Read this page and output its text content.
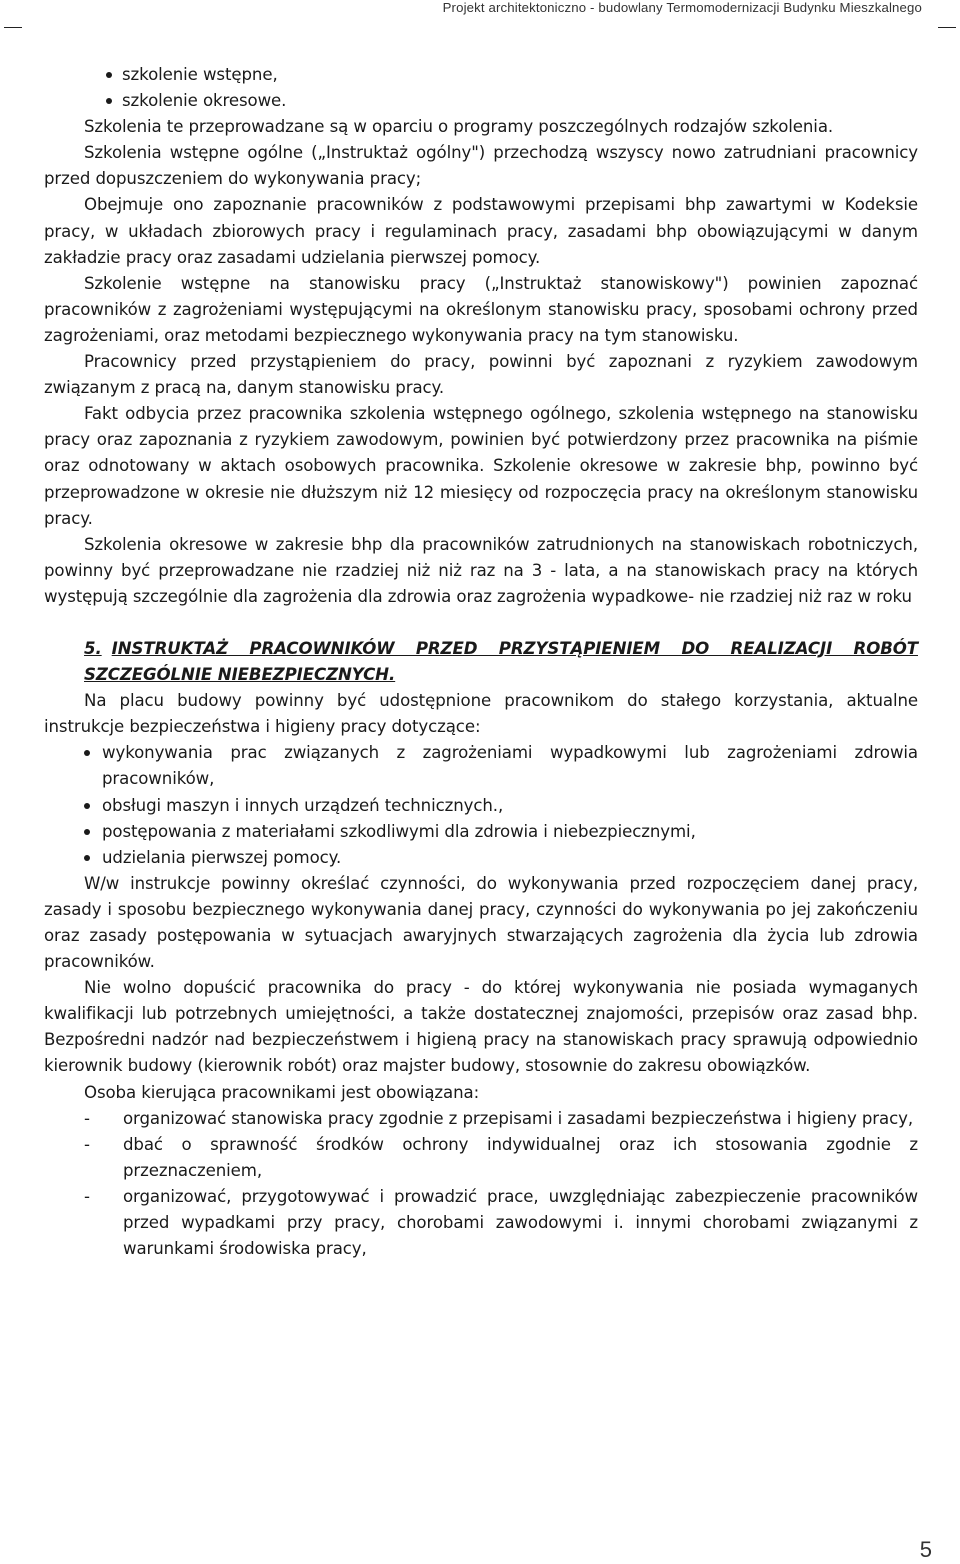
Projekt architektoniczno - budowlany Termomodernizacji Budynku Mieszkalnego
szkolenie wstępne,
szkolenie okresowe.

Szkolenia te przeprowadzane są w oparciu o programy poszczególnych rodzajów szkolenia.

Szkolenia wstępne ogólne („Instruktaż ogólny") przechodzą wszyscy nowo zatrudniani pracownicy przed dopuszczeniem do wykonywania pracy;

Obejmuje ono zapoznanie pracowników z podstawowymi przepisami bhp zawartymi w Kodeksie pracy, w układach zbiorowych pracy i regulaminach pracy, zasadami bhp obowiązującymi w danym zakładzie pracy oraz zasadami udzielania pierwszej pomocy.

Szkolenie wstępne na stanowisku pracy („Instruktaż stanowiskowy") powinien zapoznać pracowników z zagrożeniami występującymi na określonym stanowisku pracy, sposobami ochrony przed zagrożeniami, oraz metodami bezpiecznego wykonywania pracy na tym stanowisku.

Pracownicy przed przystąpieniem do pracy, powinni być zapoznani z ryzykiem zawodowym związanym z pracą na, danym stanowisku pracy.

Fakt odbycia przez pracownika szkolenia wstępnego ogólnego, szkolenia wstępnego na stanowisku pracy oraz zapoznania z ryzykiem zawodowym, powinien być potwierdzony przez pracownika na piśmie oraz odnotowany w aktach osobowych pracownika. Szkolenie okresowe w zakresie bhp, powinno być przeprowadzone w okresie nie dłuższym niż 12 miesięcy od rozpoczęcia pracy na określonym stanowisku pracy.

Szkolenia okresowe w zakresie bhp dla pracowników zatrudnionych na stanowiskach robotniczych, powinny być przeprowadzane nie rzadziej niż niż raz na 3 - lata, a na stanowiskach pracy na których występują szczególnie dla zagrożenia dla zdrowia oraz zagrożenia wypadkowe- nie rzadziej niż raz w roku

5. INSTRUKTAŻ PRACOWNIKÓW PRZED PRZYSTĄPIENIEM DO REALIZACJI ROBÓT SZCZEGÓLNIE NIEBEZPIECZNYCH.

Na placu budowy powinny być udostępnione pracownikom do stałego korzystania, aktualne instrukcje bezpieczeństwa i higieny pracy dotyczące:

wykonywania prac związanych z zagrożeniami wypadkowymi lub zagrożeniami zdrowia pracowników,
obsługi maszyn i innych urządzeń technicznych.,
postępowania z materiałami szkodliwymi dla zdrowia i niebezpiecznymi,
udzielania pierwszej pomocy.

W/w instrukcje powinny określać czynności, do wykonywania przed rozpoczęciem danej pracy, zasady i sposobu bezpiecznego wykonywania danej pracy, czynności do wykonywania po jej zakończeniu oraz zasady postępowania w sytuacjach awaryjnych stwarzających zagrożenia dla życia lub zdrowia pracowników.

Nie wolno dopuścić pracownika do pracy - do której wykonywania nie posiada wymaganych kwalifikacji lub potrzebnych umiejętności, a także dostatecznej znajomości, przepisów oraz zasad bhp. Bezpośredni nadzór nad bezpieczeństwem i higieną pracy na stanowiskach pracy sprawują odpowiednio kierownik budowy (kierownik robót) oraz majster budowy, stosownie do zakresu obowiązków.

Osoba kierująca pracownikami jest obowiązana:

- organizować stanowiska pracy zgodnie z przepisami i zasadami bezpieczeństwa i higieny pracy,
- dbać o sprawność środków ochrony indywidualnej oraz ich stosowania zgodnie z przeznaczeniem,
- organizować, przygotowywać i prowadzić prace, uwzględniając zabezpieczenie pracowników przed wypadkami przy pracy, chorobami zawodowymi i. innymi chorobami związanymi z warunkami środowiska pracy,
5
